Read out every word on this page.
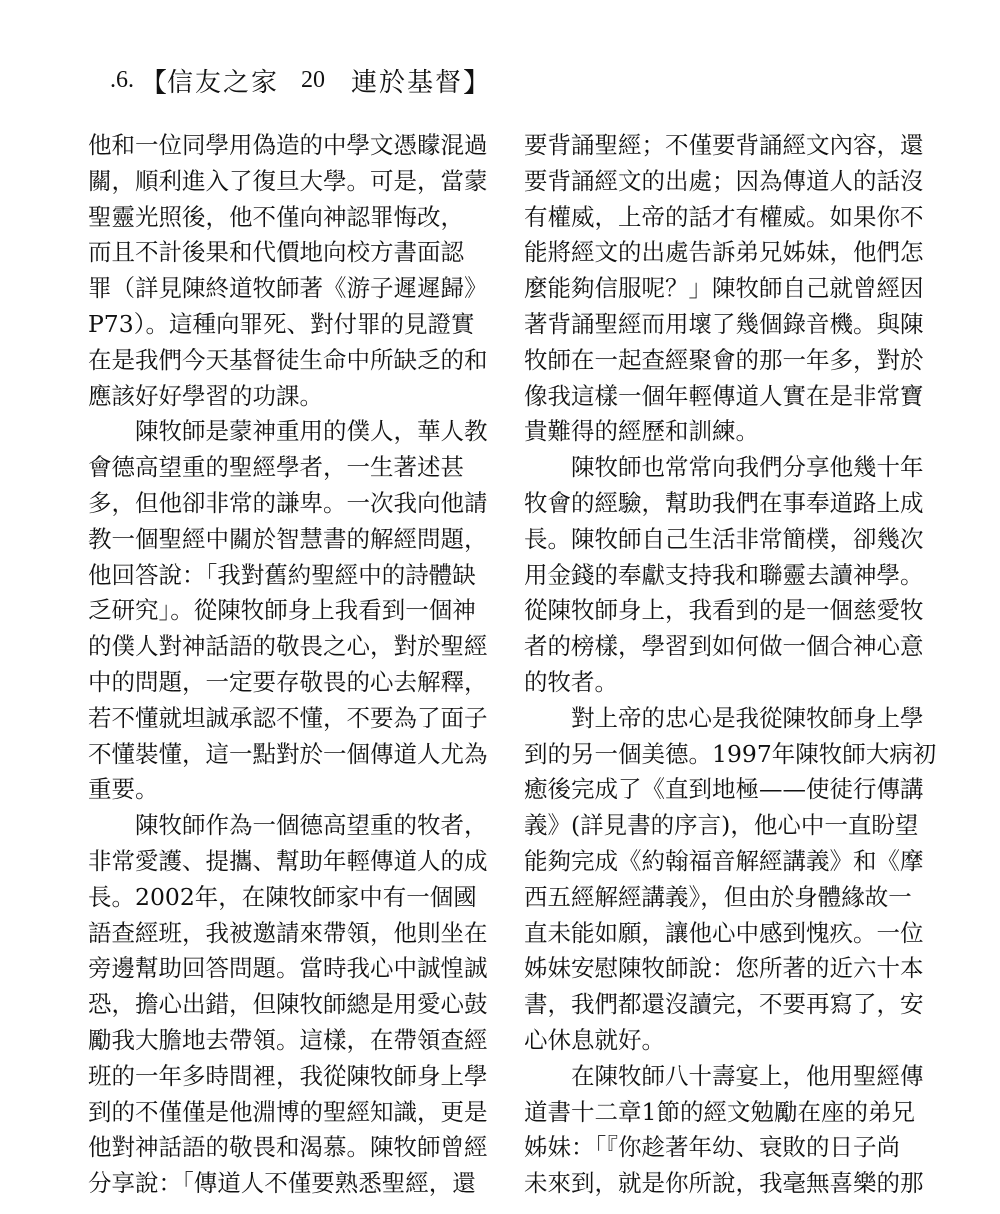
.6. 【 信友之家 20 連於基督 】
他和一位同學用偽造的中學文憑矇混過
關，順利進入了復旦大學。可是，當蒙
聖靈光照後，他不僅向神認罪悔改，
而且不計後果和代價地向校方書面認
罪（詳見陳終道牧師著《游子遲遲歸》
P73）。這種向罪死、對付罪的見證實
在是我們今天基督徒生命中所缺乏的和
應該好好學習的功課。
陳牧師是蒙神重用的僕人，華人教
會德高望重的聖經學者，一生著述甚
多，但他卻非常的謙卑。一次我向他請
教一個聖經中關於智慧書的解經問題，
他回答說：「我對舊約聖經中的詩體缺
乏研究」。從陳牧師身上我看到一個神
的僕人對神話語的敬畏之心，對於聖經
中的問題，一定要存敬畏的心去解釋，
若不懂就坦誠承認不懂，不要為了面子
不懂裝懂，這一點對於一個傳道人尤為
重要。
陳牧師作為一個德高望重的牧者，
非常愛護、提攜、幫助年輕傳道人的成
長。2002年，在陳牧師家中有一個國
語查經班，我被邀請來帶領，他則坐在
旁邊幫助回答問題。當時我心中誠惶誠
恐，擔心出錯，但陳牧師總是用愛心鼓
勵我大膽地去帶領。這樣，在帶領查經
班的一年多時間裡，我從陳牧師身上學
到的不僅僅是他淵博的聖經知識，更是
他對神話語的敬畏和渴慕。陳牧師曾經
分享說：「傳道人不僅要熟悉聖經，還
要背誦聖經；不僅要背誦經文內容，還
要背誦經文的出處；因為傳道人的話沒
有權威，上帝的話才有權威。如果你不
能將經文的出處告訴弟兄姊妹，他們怎
麼能夠信服呢？」陳牧師自己就曾經因
著背誦聖經而用壞了幾個錄音機。與陳
牧師在一起查經聚會的那一年多，對於
像我這樣一個年輕傳道人實在是非常寶
貴難得的經歷和訓練。
陳牧師也常常向我們分享他幾十年
牧會的經驗，幫助我們在事奉道路上成
長。陳牧師自己生活非常簡樸，卻幾次
用金錢的奉獻支持我和聯靈去讀神學。
從陳牧師身上，我看到的是一個慈愛牧
者的榜樣，學習到如何做一個合神心意
的牧者。
對上帝的忠心是我從陳牧師身上學
到的另一個美德。1997年陳牧師大病初
癒後完成了《直到地極——使徒行傳講
義》(詳見書的序言)，他心中一直盼望
能夠完成《約翰福音解經講義》和《摩
西五經解經講義》，但由於身體緣故一
直未能如願，讓他心中感到愧疚。一位
姊妹安慰陳牧師說：您所著的近六十本
書，我們都還沒讀完，不要再寫了，安
心休息就好。
在陳牧師八十壽宴上，他用聖經傳
道書十二章1節的經文勉勵在座的弟兄
姊妹：「『你趁著年幼、衰敗的日子尚
未來到，就是你所說，我毫無喜樂的那
